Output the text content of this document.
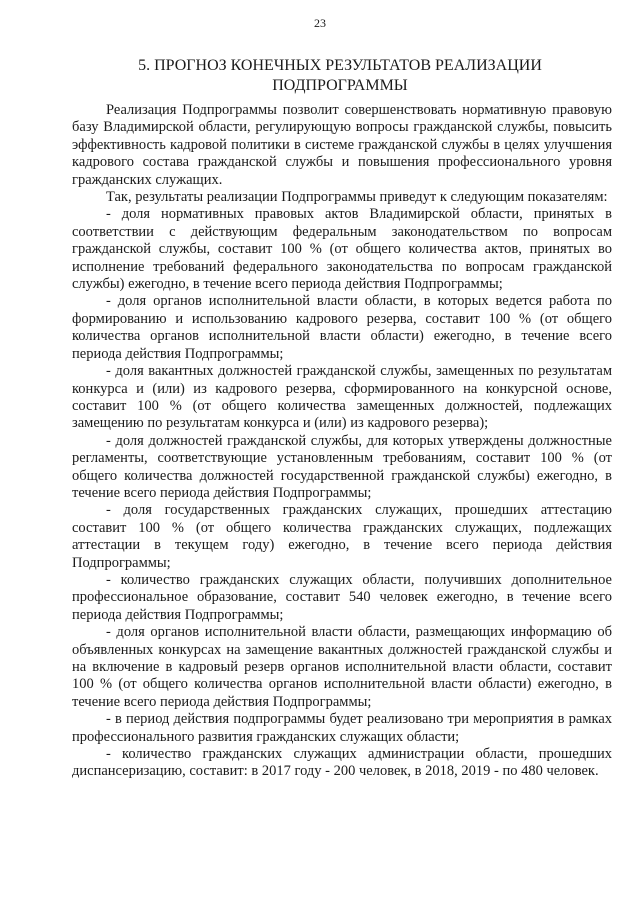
23
5. ПРОГНОЗ КОНЕЧНЫХ РЕЗУЛЬТАТОВ РЕАЛИЗАЦИИ
ПОДПРОГРАММЫ

Реализация Подпрограммы позволит совершенствовать нормативную правовую базу Владимирской области, регулирующую вопросы гражданской службы, повысить эффективность кадровой политики в системе гражданской службы в целях улучшения кадрового состава гражданской службы и повышения профессионального уровня гражданских служащих.

Так, результаты реализации Подпрограммы приведут к следующим показателям:

- доля нормативных правовых актов Владимирской области, принятых в соответствии с действующим федеральным законодательством по вопросам гражданской службы, составит 100 % (от общего количества актов, принятых во исполнение требований федерального законодательства по вопросам гражданской службы) ежегодно, в течение всего периода действия Подпрограммы;

- доля органов исполнительной власти области, в которых ведется работа по формированию и использованию кадрового резерва, составит 100 % (от общего количества органов исполнительной власти области) ежегодно, в течение всего периода действия Подпрограммы;

- доля вакантных должностей гражданской службы, замещенных по результатам конкурса и (или) из кадрового резерва, сформированного на конкурсной основе, составит 100 % (от общего количества замещенных должностей, подлежащих замещению по результатам конкурса и (или) из кадрового резерва);

- доля должностей гражданской службы, для которых утверждены должностные регламенты, соответствующие установленным требованиям, составит 100 % (от общего количества должностей государственной гражданской службы) ежегодно, в течение всего периода действия Подпрограммы;

- доля государственных гражданских служащих, прошедших аттестацию составит 100 % (от общего количества гражданских служащих, подлежащих аттестации в текущем году) ежегодно, в течение всего периода действия Подпрограммы;

- количество гражданских служащих области, получивших дополнительное профессиональное образование, составит 540 человек ежегодно, в течение всего периода действия Подпрограммы;

- доля органов исполнительной власти области, размещающих информацию об объявленных конкурсах на замещение вакантных должностей гражданской службы и на включение в кадровый резерв органов исполнительной власти области, составит 100 % (от общего количества органов исполнительной власти области) ежегодно, в течение всего периода действия Подпрограммы;

- в период действия подпрограммы будет реализовано три мероприятия в рамках профессионального развития гражданских служащих области;

- количество гражданских служащих администрации области, прошедших диспансеризацию, составит: в 2017 году - 200 человек, в 2018, 2019 - по 480 человек.
